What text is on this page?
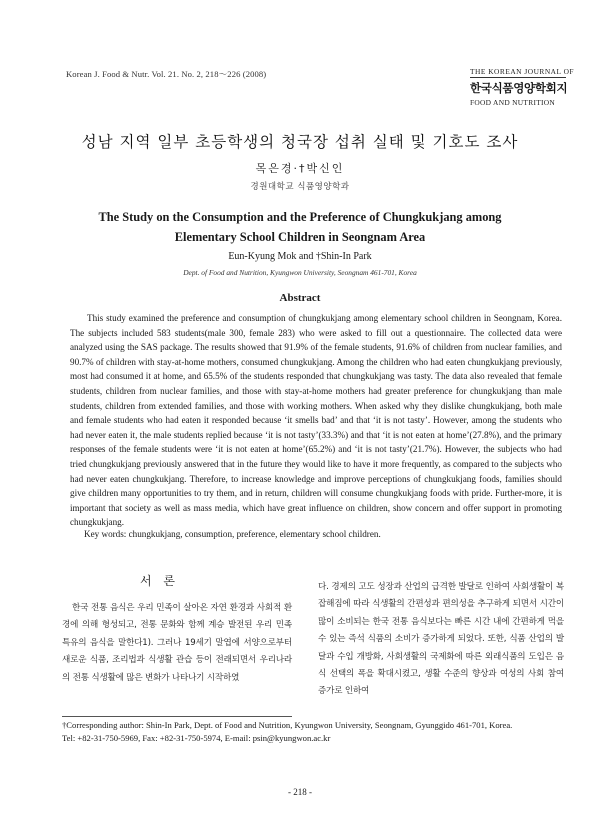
Korean J. Food & Nutr. Vol. 21. No. 2, 218～226 (2008)	THE KOREAN JOURNAL OF
한국식품영양학회지
FOOD AND NUTRITION
성남 지역 일부 초등학생의 청국장 섭취 실태 및 기호도 조사
목은경·†박신인
경원대학교 식품영양학과
The Study on the Consumption and the Preference of Chungkukjang among
Elementary School Children in Seongnam Area
Eun-Kyung Mok and †Shin-In Park
Dept. of Food and Nutrition, Kyungwon University, Seongnam 461-701, Korea
Abstract

This study examined the preference and consumption of chungkukjang among elementary school children in Seongnam, Korea. The subjects included 583 students(male 300, female 283) who were asked to fill out a questionnaire. The collected data were analyzed using the SAS package. The results showed that 91.9% of the female students, 91.6% of children from nuclear families, and 90.7% of children with stay-at-home mothers, consumed chungkukjang. Among the children who had eaten chungkukjang previously, most had consumed it at home, and 65.5% of the students responded that chungkukjang was tasty. The data also revealed that female students, children from nuclear families, and those with stay-at-home mothers had greater preference for chungkukjang than male students, children from extended families, and those with working mothers. When asked why they dislike chungkukjang, both male and female students who had eaten it responded because ‘it smells bad’ and that ‘it is not tasty’. However, among the students who had never eaten it, the male students replied because ‘it is not tasty’(33.3%) and that ‘it is not eaten at home’(27.8%), and the primary responses of the female students were ‘it is not eaten at home’(65.2%) and ‘it is not tasty’(21.7%). However, the subjects who had tried chungkukjang previously answered that in the future they would like to have it more frequently, as compared to the subjects who had never eaten chungkukjang. Therefore, to increase knowledge and improve perceptions of chungkukjang foods, families should give children many opportunities to try them, and in return, children will consume chungkukjang foods with pride. Further-more, it is important that society as well as mass media, which have great influence on children, show concern and offer support in promoting chungkukjang.

Key words: chungkukjang, consumption, preference, elementary school children.
서 론

한국 전통 음식은 우리 민족이 살아온 자연 환경과 사회적 환경에 의해 형성되고, 전통 문화와 함께 계승 발전된 우리 민족 특유의 음식을 말한다1). 그러나 19세기 말엽에 서양으로부터 새로운 식품, 조리법과 식생활 관습 등이 전래되면서 우리나라의 전통 식생활에 많은 변화가 나타나기 시작하였

다. 경제의 고도 성장과 산업의 급격한 발달로 인하여 사회생활이 복잡해짐에 따라 식생활의 간편성과 편의성을 추구하게 되면서 시간이 많이 소비되는 한국 전통 음식보다는 빠른 시간 내에 간편하게 먹을 수 있는 즉석 식품의 소비가 증가하게 되었다. 또한, 식품 산업의 발달과 수입 개방화, 사회생활의 국제화에 따른 외래식품의 도입은 음식 선택의 폭을 확대시켰고, 생활 수준의 향상과 여성의 사회 참여 증가로 인하여

†Corresponding author: Shin-In Park, Dept. of Food and Nutrition, Kyungwon University, Seongnam, Gyunggido 461-701, Korea.
Tel: +82-31-750-5969, Fax: +82-31-750-5974, E-mail: psin@kyungwon.ac.kr
- 218 -
